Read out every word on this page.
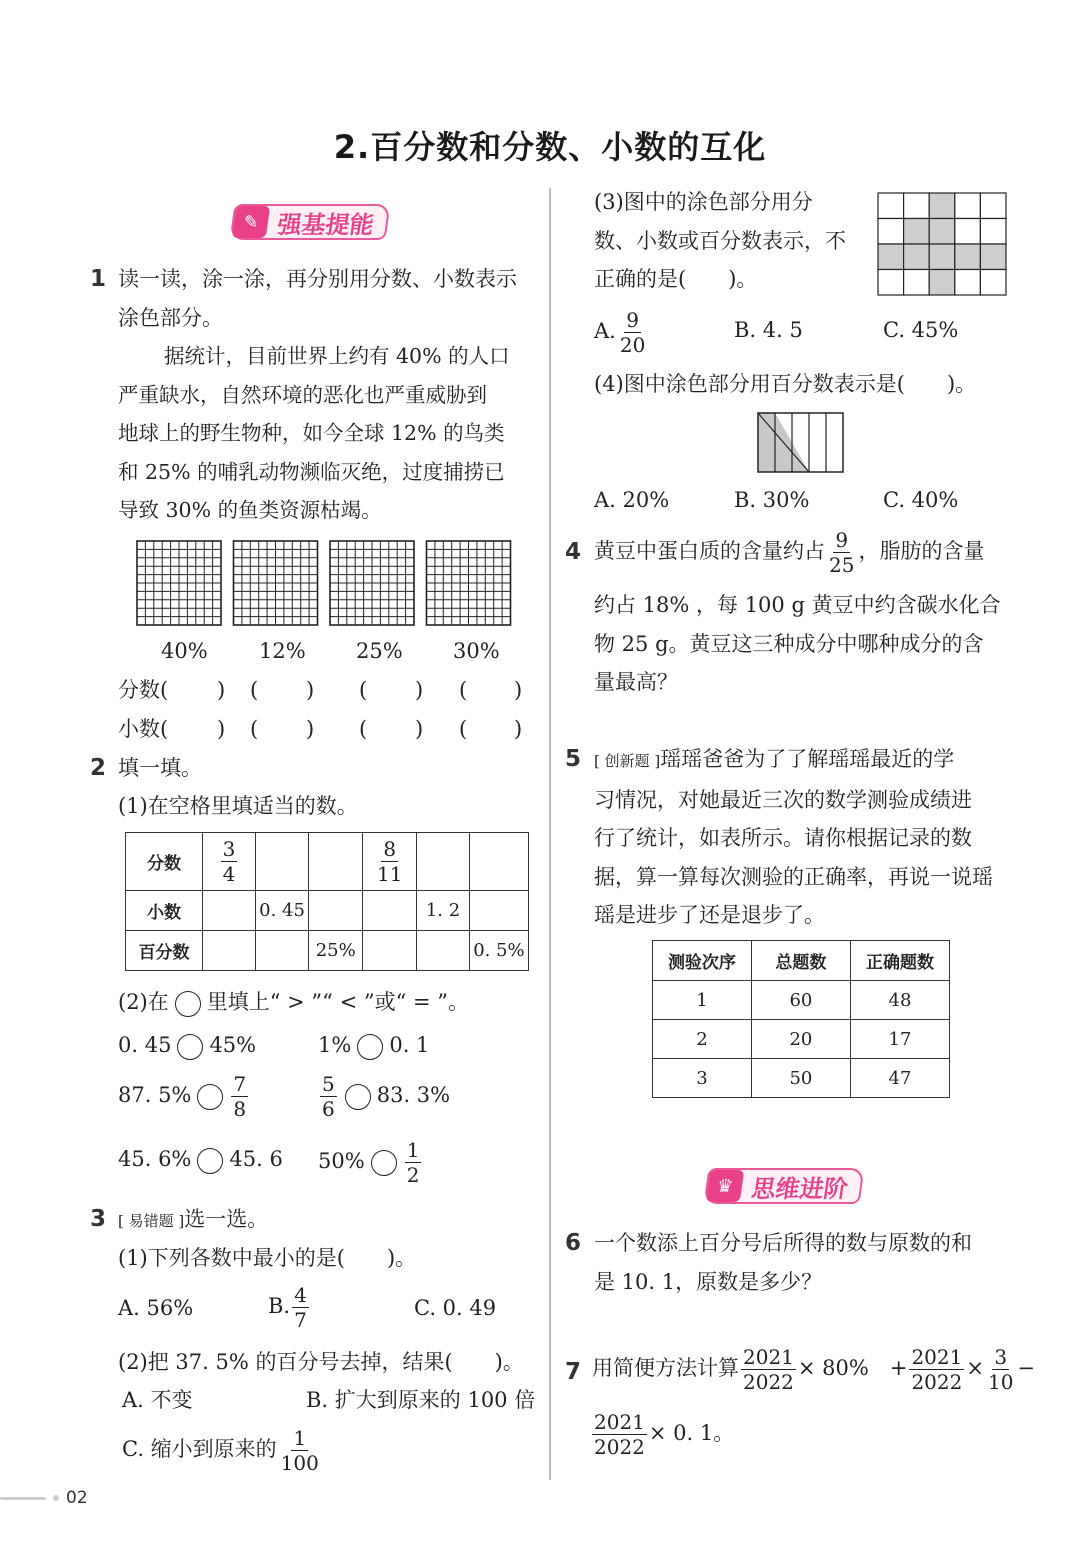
2.百分数和分数、小数的互化
✎ 强基提能
1 读一读，涂一涂，再分别用分数、小数表示
涂色部分。
据统计，目前世界上约有 40% 的人口
严重缺水，自然环境的恶化也严重威胁到
地球上的野生物种，如今全球 12% 的鸟类
和 25% 的哺乳动物濒临灭绝，过度捕捞已
导致 30% 的鱼类资源枯竭。
40%	12% 25% 30%
分数( ) ( ) ( ) ( )
小数( ) ( ) ( ) ( )
2 填一填。
(1)在空格里填适当的数。
分数	$\frac{3}{4}$			$\frac{8}{11}$

小数		0. 45			1. 2	
百分数			25%			0. 5%
(2)在 里填上“ > ”“ < ”或“ = ”。
0. 45 45%	1% 0. 1
87. $5\% \frac{7}{8}$	$\frac{5}{6} 83$. 3%
45. 6% 45. 6 $50\% \frac{1}{2}$
3 [ 易错题 ]选一选。
(1)下列各数中最小的是(　　)。
A. 56%	B. $\frac{4}{7}$	C. 0. 49
(2)把 37. 5% 的百分号去掉，结果(　　)。
A. 不变	B. 扩大到原来的 100 倍
C. 缩小到原来的 $\frac{1}{100}$
(3)图中的涂色部分用分
数、小数或百分数表示，不
正确的是(　　)。
A. $\frac{9}{20}$	B. 4. 5	C. 45%
(4)图中涂色部分用百分数表示是(　　)。
A. 20%	B. 30%	C. 40%
4 黄豆中蛋白质的含量约占 $\frac{9}{25}$ ，脂肪的含量
约占 18% ，每 100 g 黄豆中约含碳水化合
物 25 g。黄豆这三种成分中哪种成分的含
量最高？
5 [ 创新题 ]瑶瑶爸爸为了了解瑶瑶最近的学
习情况，对她最近三次的数学测验成绩进
行了统计，如表所示。请你根据记录的数
据，算一算每次测验的正确率，再说一说瑶
瑶是进步了还是退步了。
测验次序	总题数	正确题数
1	60	48
2	20	17
3	50	47
♛ 思维进阶
6 一个数添上百分号后所得的数与原数的和
是 10. 1，原数是多少？
7 用简便方法计算 $\frac{2021}{2022} \times 80\%$　+ $\frac{2021}{2022} \times \frac{3}{10}$ −
$\frac{2021}{2022} \times 0$. 1。
02
